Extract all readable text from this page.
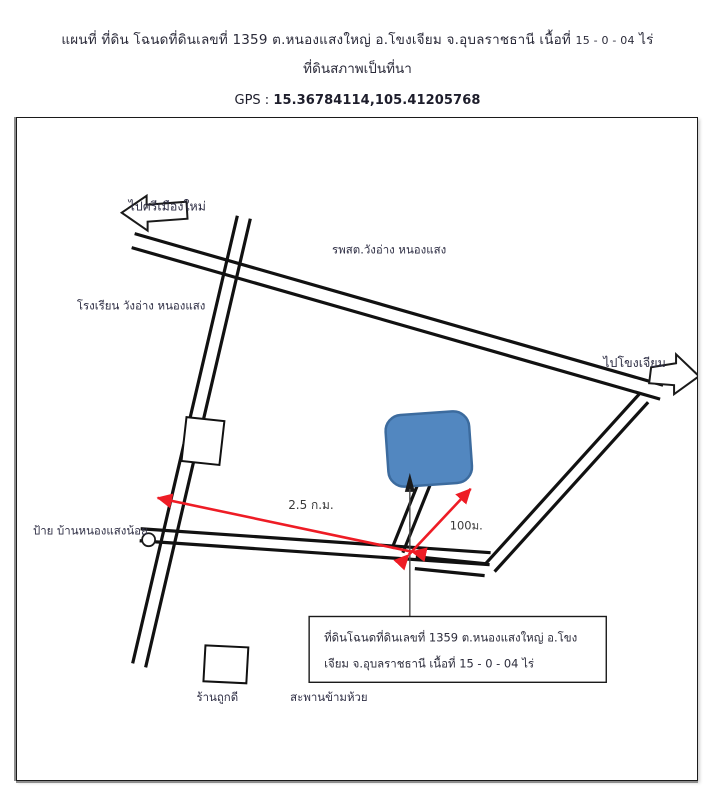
แผนที่ ที่ดิน โฉนดที่ดินเลขที่ 1359 ต.หนองแสงใหญ่ อ.โขงเจียม จ.อุบลราชธานี เนื้อที่ 15 - 0 - 04 ไร่
ที่ดินสภาพเป็นที่นา
GPS : 15.36784114,105.41205768
ไปศรีเมืองใหม่
ไปโขงเจียม
รพสต.วังอ่าง หนองแสง
โรงเรียน วังอ่าง หนองแสง
ป้าย บ้านหนองแสงน้อย
ร้านถูกดี	สะพานข้ามห้วย
2.5 ก.ม.
100ม.
ที่ดินโฉนดที่ดินเลขที่ 1359 ต.หนองแสงใหญ่ อ.โขง
เจียม จ.อุบลราชธานี เนื้อที่ 15 - 0 - 04 ไร่
